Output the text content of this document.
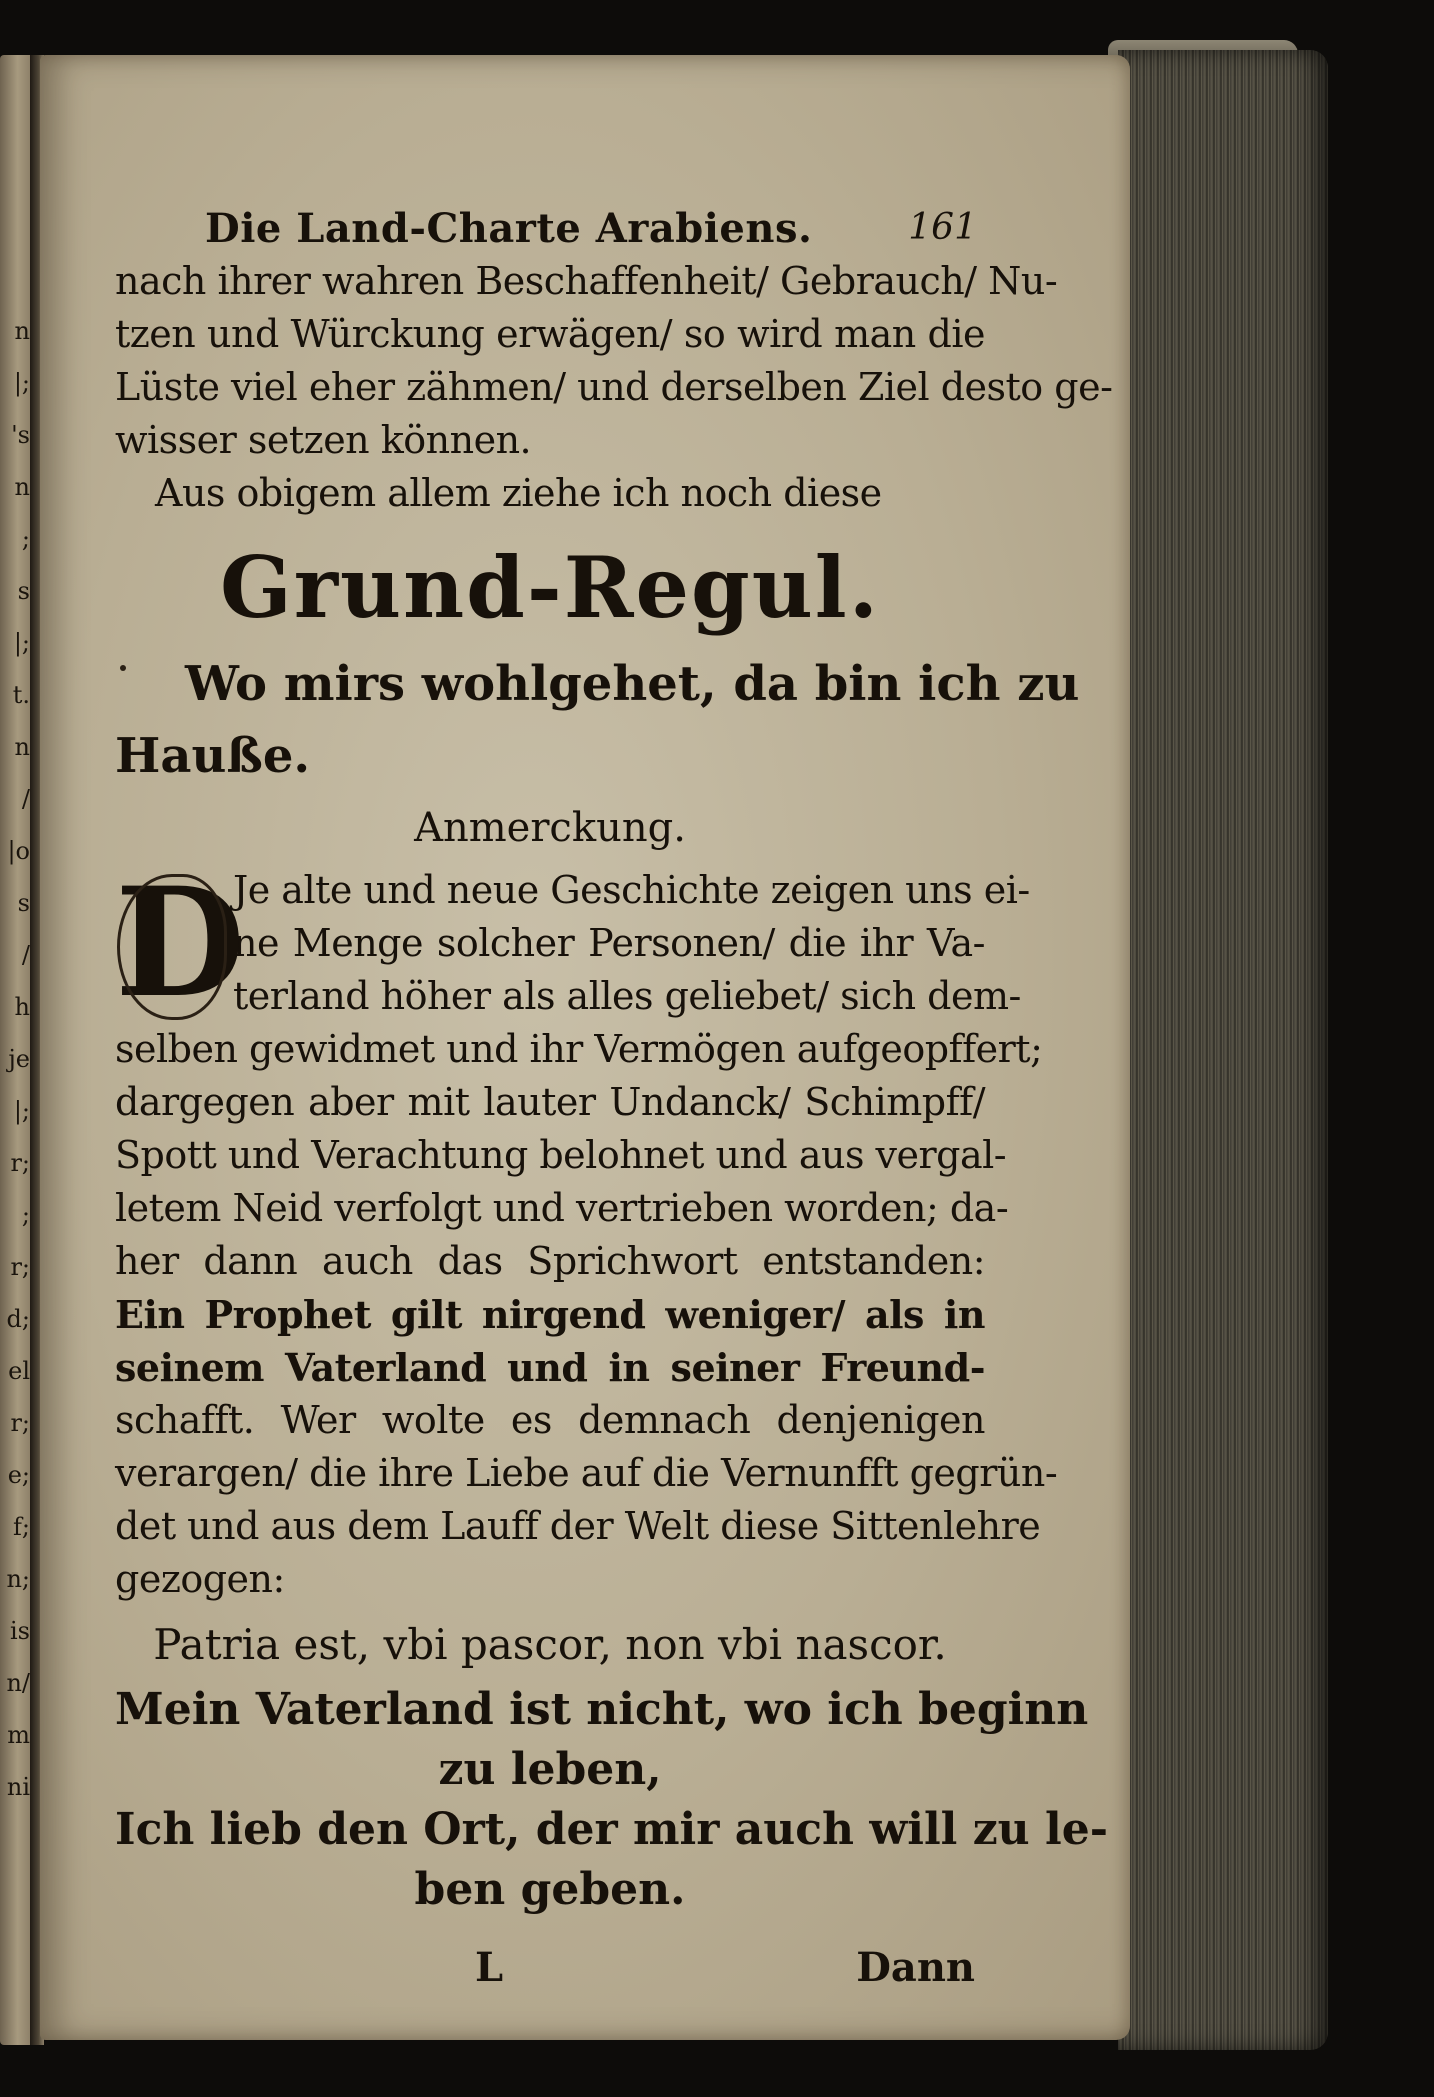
n
|;
's
n
;
s
|;
t.
n
/
|o
s
/
h
je
|;
r;
;
r;
d;
el
r;
e;
f;
n;
is
n/
m
ni
Die Land-Charte Arabiens.	161
nach ihrer wahren Beschaffenheit/ Gebrauch/ Nu-
tzen und Würckung erwägen/ so wird man die
Lüste viel eher zähmen/ und derselben Ziel desto ge-
wisser setzen können.
Aus obigem allem ziehe ich noch diese
Grund-Regul.
Wo mirs wohlgehet, da bin ich zu
Hauße.
Anmerckung.
D
Je alte und neue Geschichte zeigen uns ei-
ne Menge solcher Personen/ die ihr Va-
terland höher als alles geliebet/ sich dem-
selben gewidmet und ihr Vermögen aufgeopffert;
dargegen aber mit lauter Undanck/ Schimpff/
Spott und Verachtung belohnet und aus vergal-
letem Neid verfolgt und vertrieben worden; da-
her dann auch das Sprichwort entstanden:
Ein Prophet gilt nirgend weniger/ als in
seinem Vaterland und in seiner Freund-
schafft. Wer wolte es demnach denjenigen
verargen/ die ihre Liebe auf die Vernunfft gegrün-
det und aus dem Lauff der Welt diese Sittenlehre
gezogen:
Patria est, vbi pascor, non vbi nascor.
Mein Vaterland ist nicht, wo ich beginn
zu leben,
Ich lieb den Ort, der mir auch will zu le-
ben geben.
L	Dann
